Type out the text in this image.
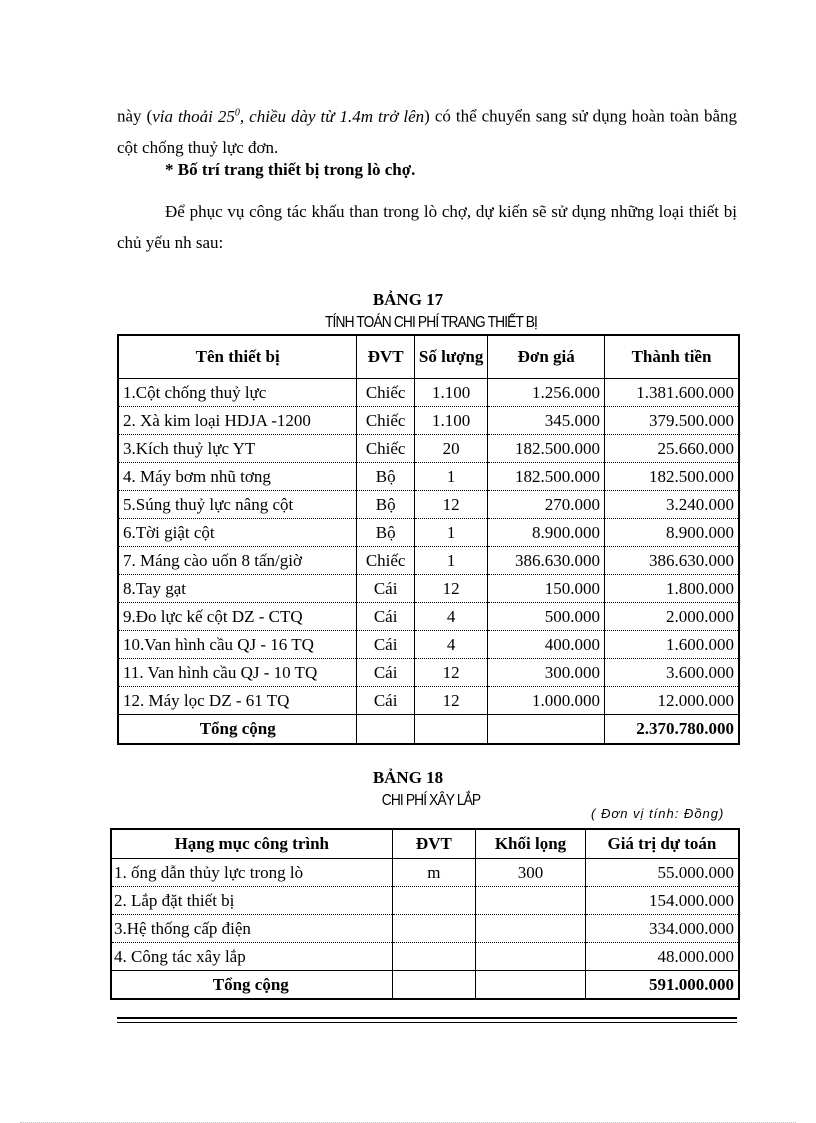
này (vỉa thoải $25^0$, chiều dày từ 1.4m trở lên) có thể chuyển sang sử dụng hoàn toàn bằng cột chống thuỷ lực đơn.
* Bố trí trang thiết bị trong lò chợ.
Để phục vụ công tác khấu than trong lò chợ, dự kiến sẽ sử dụng những loại thiết bị chủ yếu nh sau:
BẢNG 17
TÍNH TOÁN CHI PHÍ TRANG THIẾT BỊ
Tên thiết bị	ĐVT	Số lượng	Đơn giá	Thành tiền
1.Cột chống thuỷ lực	Chiếc	1.100	1.256.000	1.381.600.000
2. Xà kim loại HDJA -1200	Chiếc	1.100	345.000	379.500.000
3.Kích thuỷ lực YT	Chiếc	20	182.500.000	25.660.000
4. Máy bơm nhũ tơng	Bộ	1	182.500.000	182.500.000
5.Súng thuỷ lực nâng cột	Bộ	12	270.000	3.240.000
6.Tời giật cột	Bộ	1	8.900.000	8.900.000
7. Máng cào uốn 8 tấn/giờ	Chiếc	1	386.630.000	386.630.000
8.Tay gạt	Cái	12	150.000	1.800.000
9.Đo lực kế cột DZ - CTQ	Cái	4	500.000	2.000.000
10.Van hình cầu QJ - 16 TQ	Cái	4	400.000	1.600.000
11. Van hình cầu QJ - 10 TQ	Cái	12	300.000	3.600.000
12. Máy lọc DZ - 61 TQ	Cái	12	1.000.000	12.000.000
Tổng cộng				2.370.780.000
BẢNG 18
CHI PHÍ XÂY LẮP
( Đơn vị tính: Đồng)
Hạng mục công trình	ĐVT	Khối lọng	Giá trị dự toán
1. ống dẫn thủy lực trong lò	m	300	55.000.000
2. Lắp đặt thiết bị			154.000.000
3.Hệ thống cấp điện			334.000.000
4. Công tác xây lắp			48.000.000
Tổng cộng			591.000.000
